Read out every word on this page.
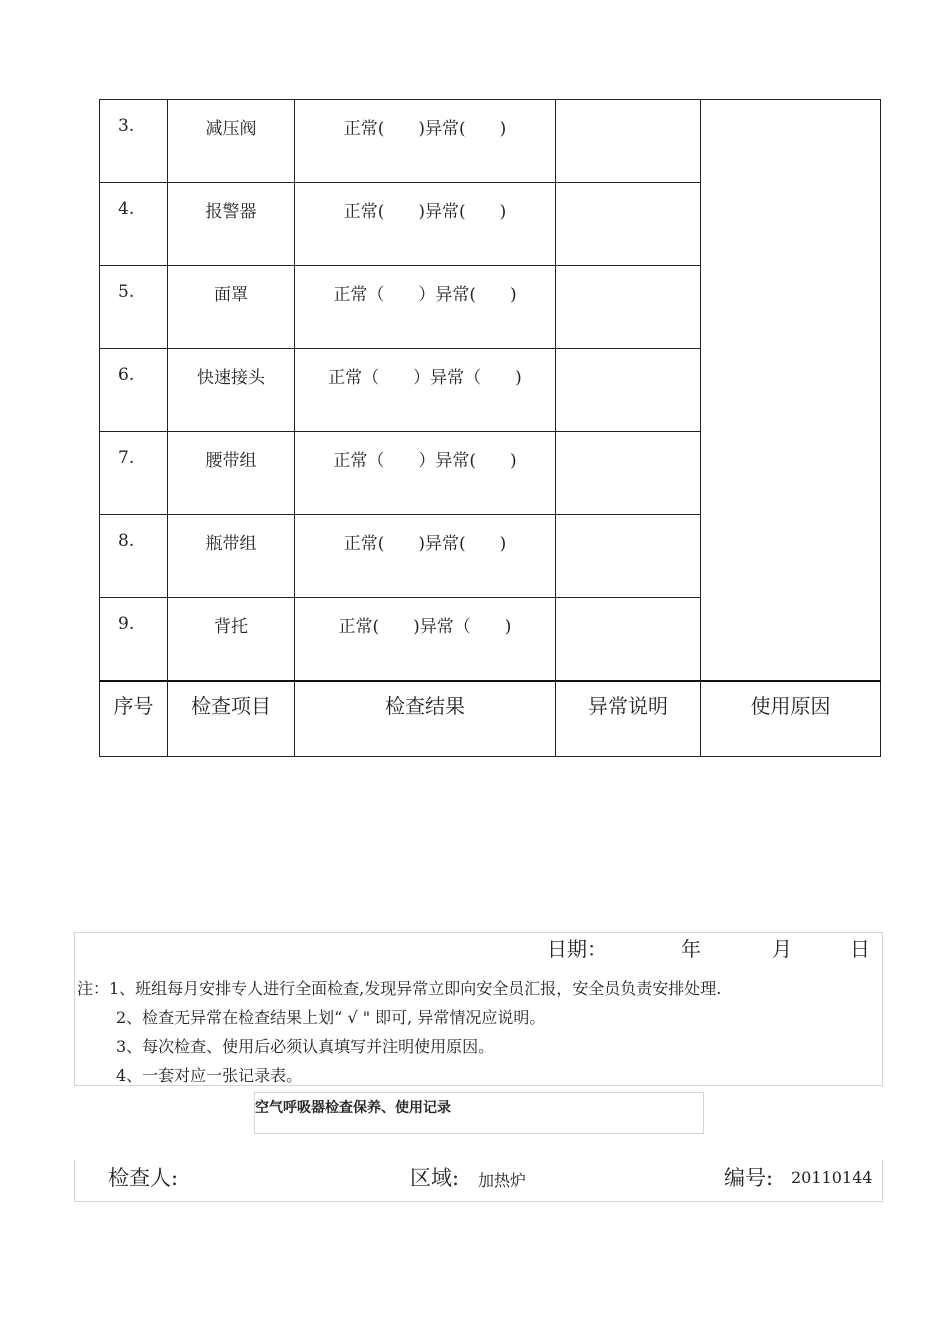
3.	减压阀	正常(　　)异常(　　)		
4.	报警器	正常(　　)异常(　　)		
5.	面罩	正常（　　）异常(　　)		
6.	快速接头	正常（　　）异常（　　)		
7.	腰带组	正常（　　）异常(　　)		
8.	瓶带组	正常(　　)异常(　　)		
9.	背托	正常(　　)异常（　　)		
序号	检查项目	检查结果	异常说明	使用原因
日期：	年	月	日
注：1、班组每月安排专人进行全面检查,发现异常立即向安全员汇报，安全员负责安排处理.
2、检查无异常在检查结果上划“ √ " 即可, 异常情况应说明。
3、每次检查、使用后必须认真填写并注明使用原因。
4、一套对应一张记录表。
空气呼吸器检查保养、使用记录
检查人:	区域: 加热炉	编号: 20110144
